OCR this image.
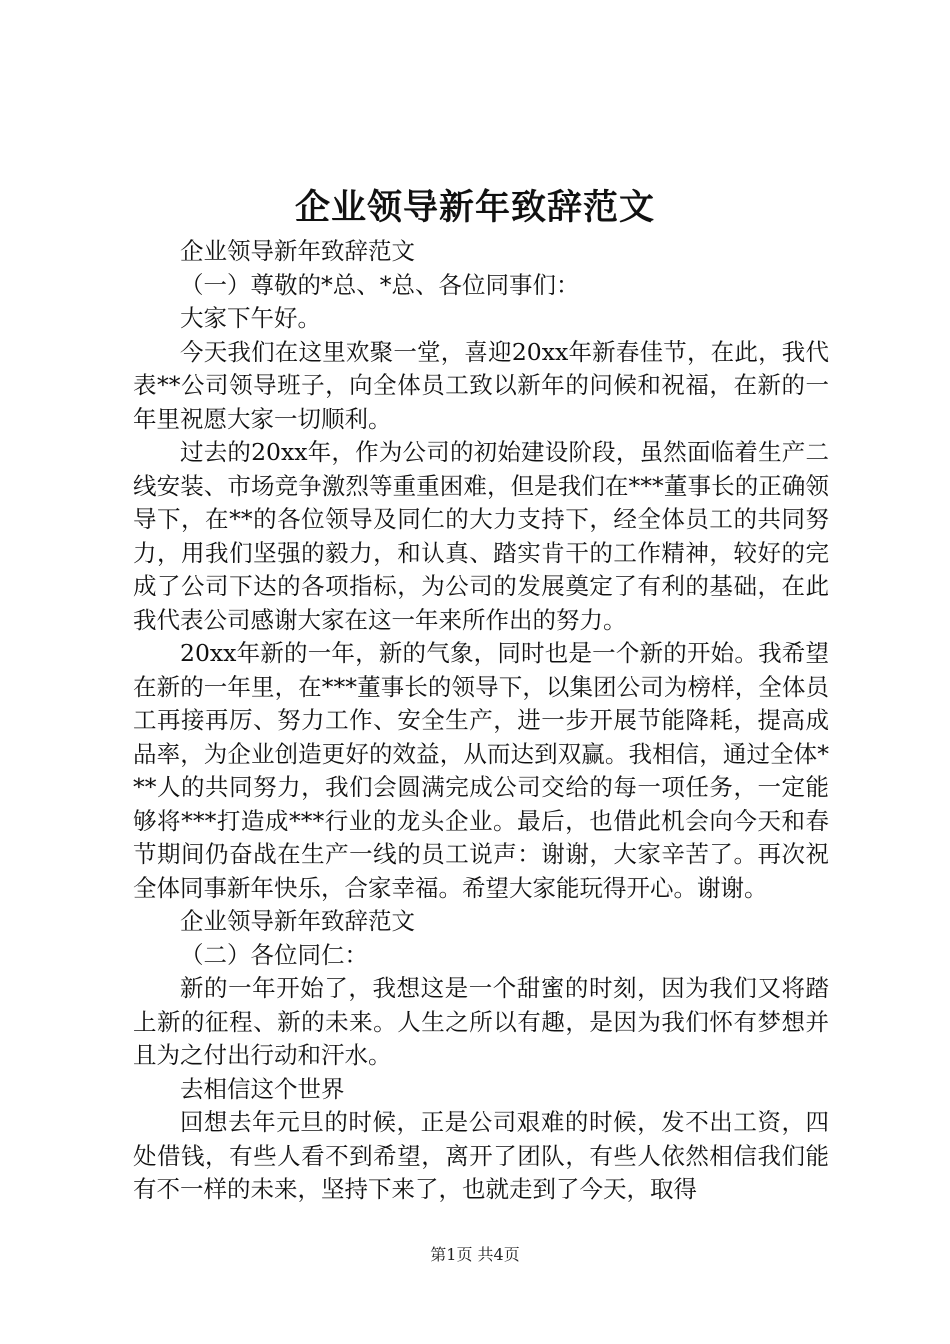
企业领导新年致辞范文

企业领导新年致辞范文

（一）尊敬的*总、*总、各位同事们：

大家下午好。

今天我们在这里欢聚一堂，喜迎20xx年新春佳节，在此，我代表**公司领导班子，向全体员工致以新年的问候和祝福，在新的一年里祝愿大家一切顺利。

过去的20xx年，作为公司的初始建设阶段，虽然面临着生产二线安装、市场竞争激烈等重重困难，但是我们在***董事长的正确领导下，在**的各位领导及同仁的大力支持下，经全体员工的共同努力，用我们坚强的毅力，和认真、踏实肯干的工作精神，较好的完成了公司下达的各项指标，为公司的发展奠定了有利的基础，在此我代表公司感谢大家在这一年来所作出的努力。

20xx年新的一年，新的气象，同时也是一个新的开始。我希望在新的一年里，在***董事长的领导下，以集团公司为榜样，全体员工再接再厉、努力工作、安全生产，进一步开展节能降耗，提高成品率，为企业创造更好的效益，从而达到双赢。我相信，通过全体***人的共同努力，我们会圆满完成公司交给的每一项任务，一定能够将***打造成***行业的龙头企业。最后，也借此机会向今天和春节期间仍奋战在生产一线的员工说声：谢谢，大家辛苦了。再次祝全体同事新年快乐，合家幸福。希望大家能玩得开心。谢谢。

企业领导新年致辞范文

（二）各位同仁：

新的一年开始了，我想这是一个甜蜜的时刻，因为我们又将踏上新的征程、新的未来。人生之所以有趣，是因为我们怀有梦想并且为之付出行动和汗水。

去相信这个世界

回想去年元旦的时候，正是公司艰难的时候，发不出工资，四处借钱，有些人看不到希望，离开了团队，有些人依然相信我们能有不一样的未来，坚持下来了，也就走到了今天，取得

第1页 共4页
